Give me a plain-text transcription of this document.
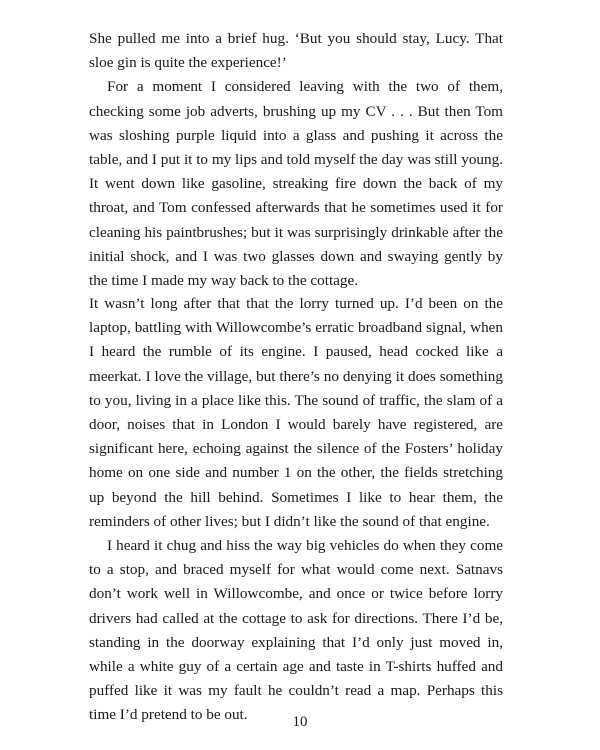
She pulled me into a brief hug. ‘But you should stay, Lucy. That sloe gin is quite the experience!’

For a moment I considered leaving with the two of them, checking some job adverts, brushing up my CV . . . But then Tom was sloshing purple liquid into a glass and pushing it across the table, and I put it to my lips and told myself the day was still young. It went down like gasoline, streaking fire down the back of my throat, and Tom confessed afterwards that he sometimes used it for cleaning his paintbrushes; but it was surprisingly drinkable after the initial shock, and I was two glasses down and swaying gently by the time I made my way back to the cottage.

It wasn’t long after that that the lorry turned up. I’d been on the laptop, battling with Willowcombe’s erratic broadband signal, when I heard the rumble of its engine. I paused, head cocked like a meerkat. I love the village, but there’s no denying it does something to you, living in a place like this. The sound of traffic, the slam of a door, noises that in London I would barely have registered, are significant here, echoing against the silence of the Fosters’ holiday home on one side and number 1 on the other, the fields stretching up beyond the hill behind. Sometimes I like to hear them, the reminders of other lives; but I didn’t like the sound of that engine.

I heard it chug and hiss the way big vehicles do when they come to a stop, and braced myself for what would come next. Satnavs don’t work well in Willowcombe, and once or twice before lorry drivers had called at the cottage to ask for directions. There I’d be, standing in the doorway explaining that I’d only just moved in, while a white guy of a certain age and taste in T-shirts huffed and puffed like it was my fault he couldn’t read a map. Perhaps this time I’d pretend to be out.	10
